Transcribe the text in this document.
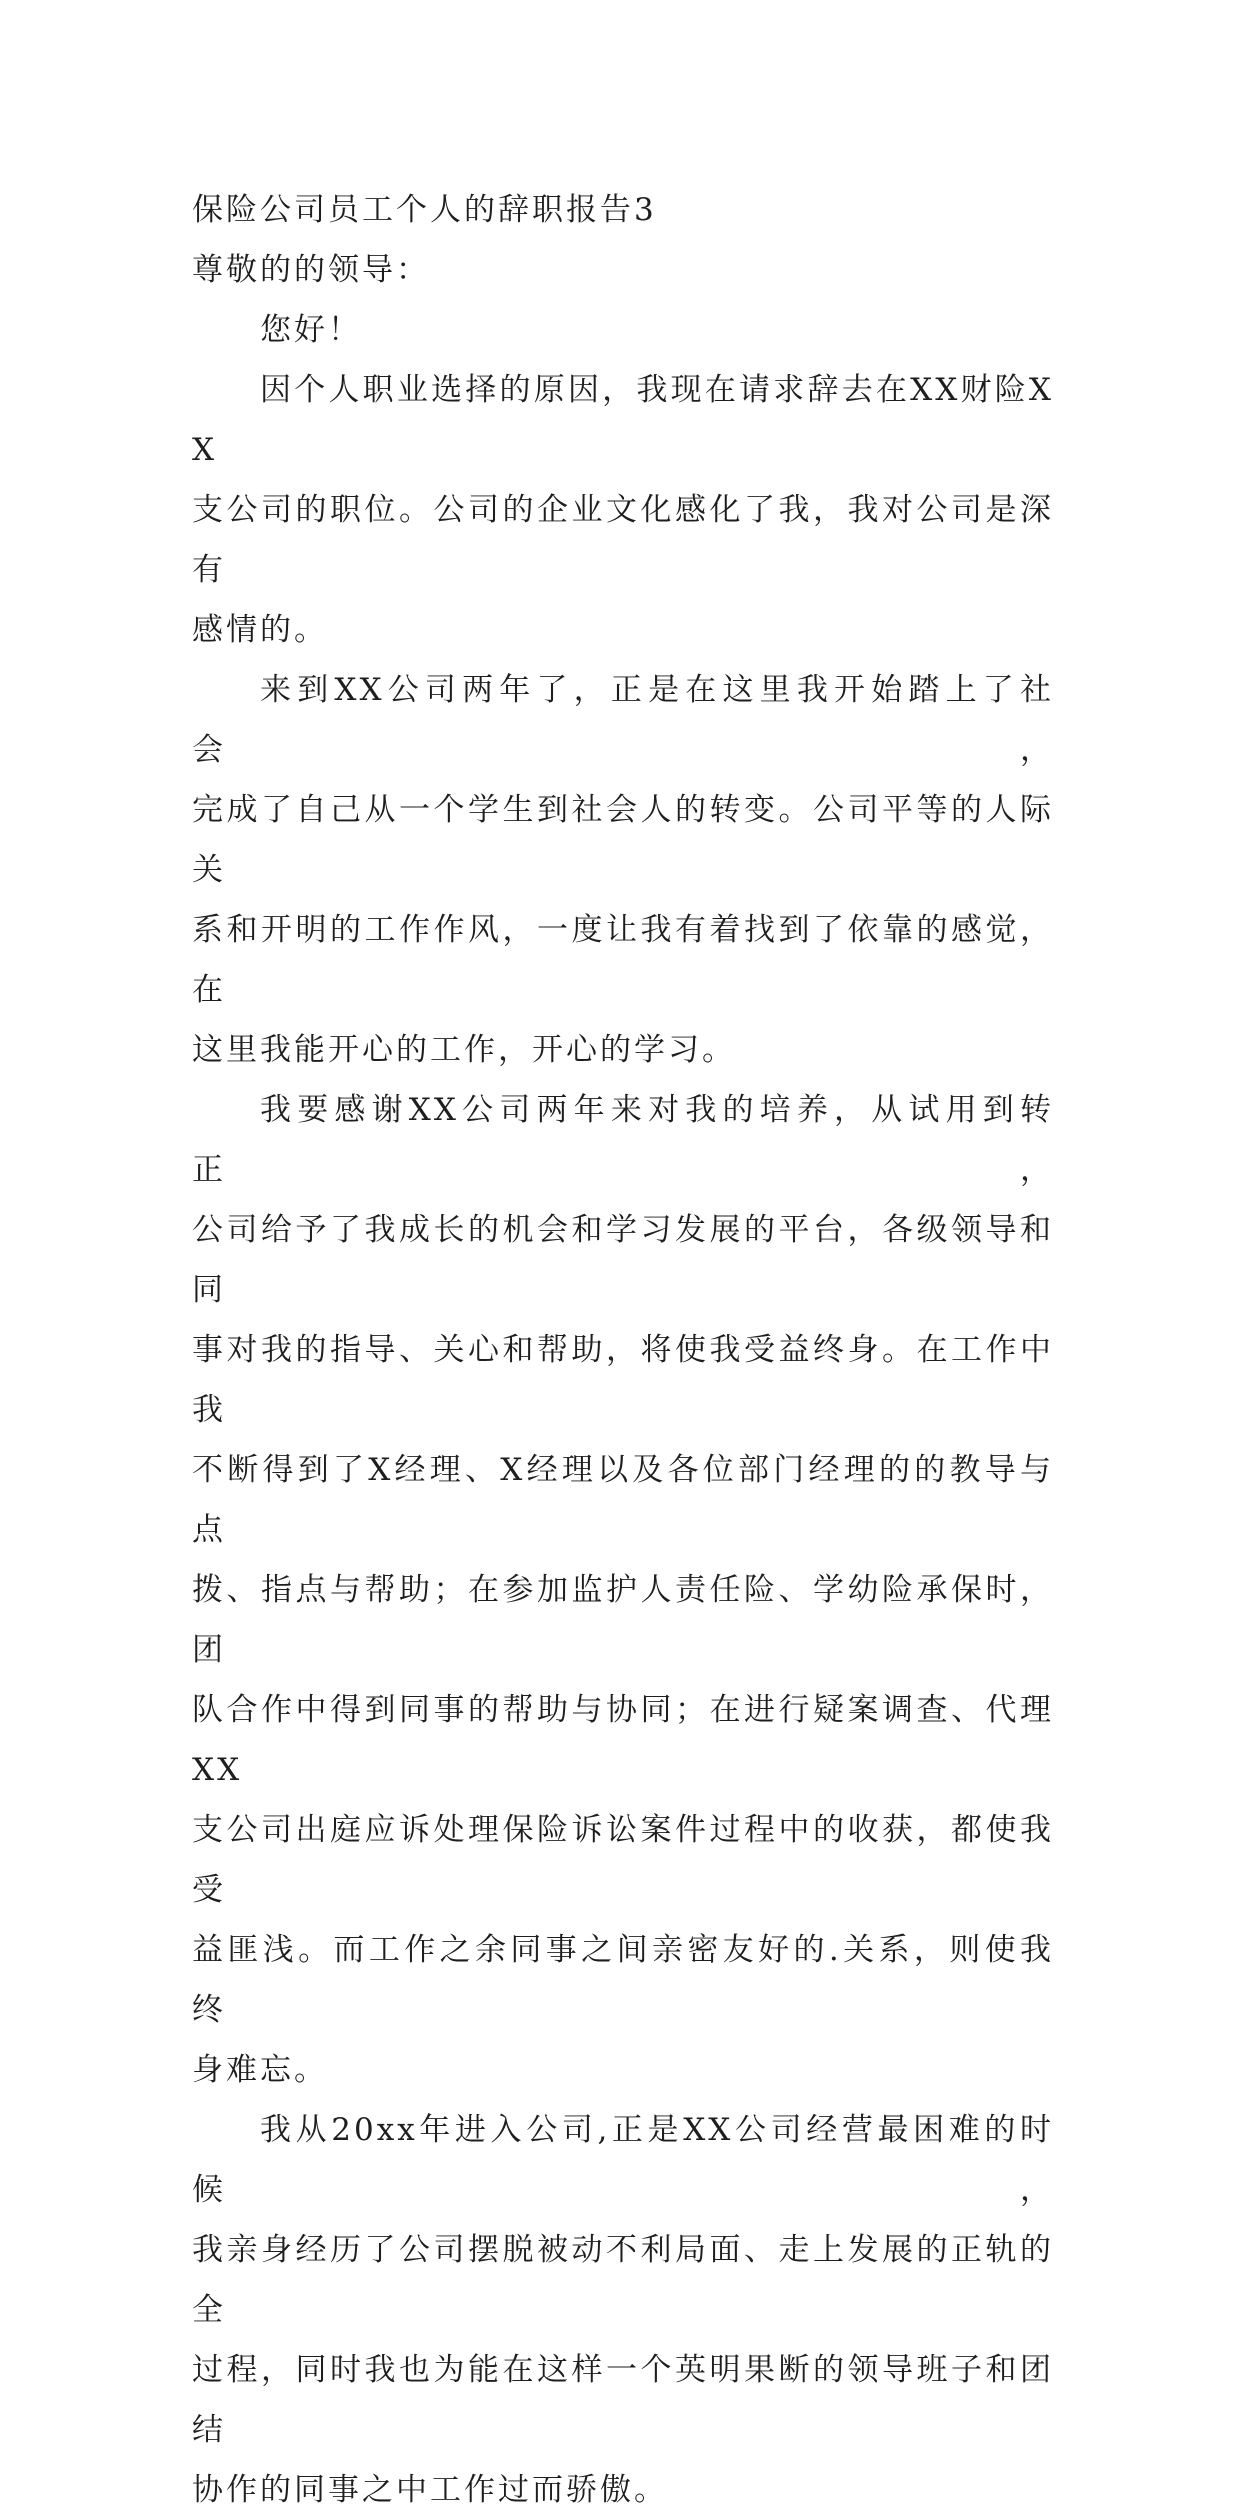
保险公司员工个人的辞职报告3

尊敬的的领导：

您好！

因个人职业选择的原因，我现在请求辞去在XX财险XX
支公司的职位。公司的企业文化感化了我，我对公司是深有
感情的。
来到XX公司两年了，正是在这里我开始踏上了社会，
完成了自己从一个学生到社会人的转变。公司平等的人际关
系和开明的工作作风，一度让我有着找到了依靠的感觉，在
这里我能开心的工作，开心的学习。
我要感谢XX公司两年来对我的培养，从试用到转正，
公司给予了我成长的机会和学习发展的平台，各级领导和同
事对我的指导、关心和帮助，将使我受益终身。在工作中我
不断得到了X经理、X经理以及各位部门经理的的教导与点
拨、指点与帮助；在参加监护人责任险、学幼险承保时，团
队合作中得到同事的帮助与协同；在进行疑案调查、代理XX
支公司出庭应诉处理保险诉讼案件过程中的收获，都使我受
益匪浅。而工作之余同事之间亲密友好的.关系，则使我终
身难忘。
我从20xx年进入公司,正是XX公司经营最困难的时候，
我亲身经历了公司摆脱被动不利局面、走上发展的正轨的全
过程，同时我也为能在这样一个英明果断的领导班子和团结
协作的同事之中工作过而骄傲。
